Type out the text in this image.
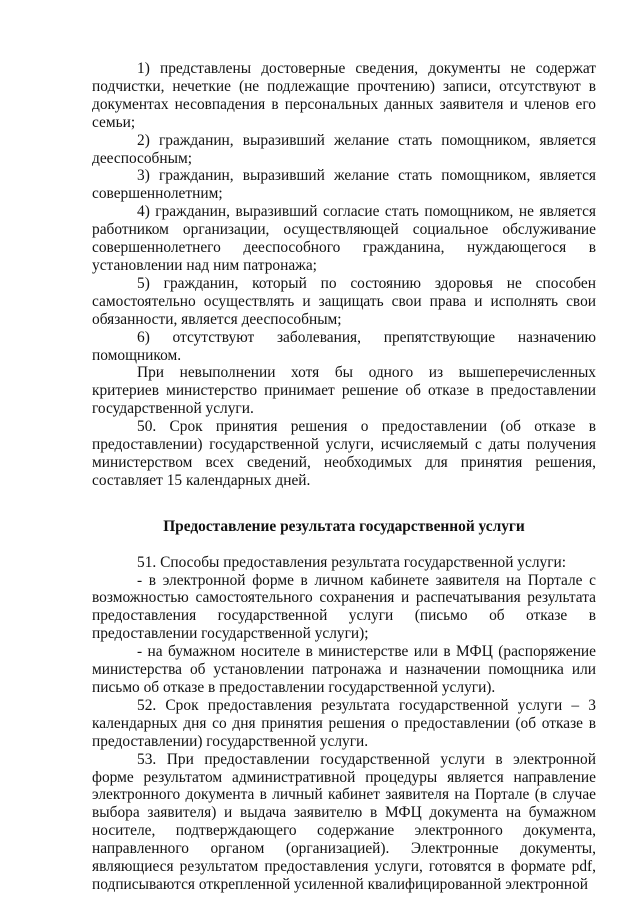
1) представлены достоверные сведения, документы не содержат подчистки, нечеткие (не подлежащие прочтению) записи, отсутствуют в документах несовпадения в персональных данных заявителя и членов его семьи;

2) гражданин, выразивший желание стать помощником, является дееспособным;

3) гражданин, выразивший желание стать помощником, является совершеннолетним;

4) гражданин, выразивший согласие стать помощником, не является работником организации, осуществляющей социальное обслуживание совершеннолетнего дееспособного гражданина, нуждающегося в установлении над ним патронажа;

5) гражданин, который по состоянию здоровья не способен самостоятельно осуществлять и защищать свои права и исполнять свои обязанности, является дееспособным;

6) отсутствуют заболевания, препятствующие назначению помощником.

При невыполнении хотя бы одного из вышеперечисленных критериев министерство принимает решение об отказе в предоставлении государственной услуги.

50. Срок принятия решения о предоставлении (об отказе в предоставлении) государственной услуги, исчисляемый с даты получения министерством всех сведений, необходимых для принятия решения, составляет 15 календарных дней.

Предоставление результата государственной услуги

51. Способы предоставления результата государственной услуги:

- в электронной форме в личном кабинете заявителя на Портале с возможностью самостоятельного сохранения и распечатывания результата предоставления государственной услуги (письмо об отказе в предоставлении государственной услуги);

- на бумажном носителе в министерстве или в МФЦ (распоряжение министерства об установлении патронажа и назначении помощника или письмо об отказе в предоставлении государственной услуги).

52. Срок предоставления результата государственной услуги – 3 календарных дня со дня принятия решения о предоставлении (об отказе в предоставлении) государственной услуги.

53. При предоставлении государственной услуги в электронной форме результатом административной процедуры является направление электронного документа в личный кабинет заявителя на Портале (в случае выбора заявителя) и выдача заявителю в МФЦ документа на бумажном носителе, подтверждающего содержание электронного документа, направленного органом (организацией). Электронные документы, являющиеся результатом предоставления услуги, готовятся в формате pdf, подписываются открепленной усиленной квалифицированной электронной
